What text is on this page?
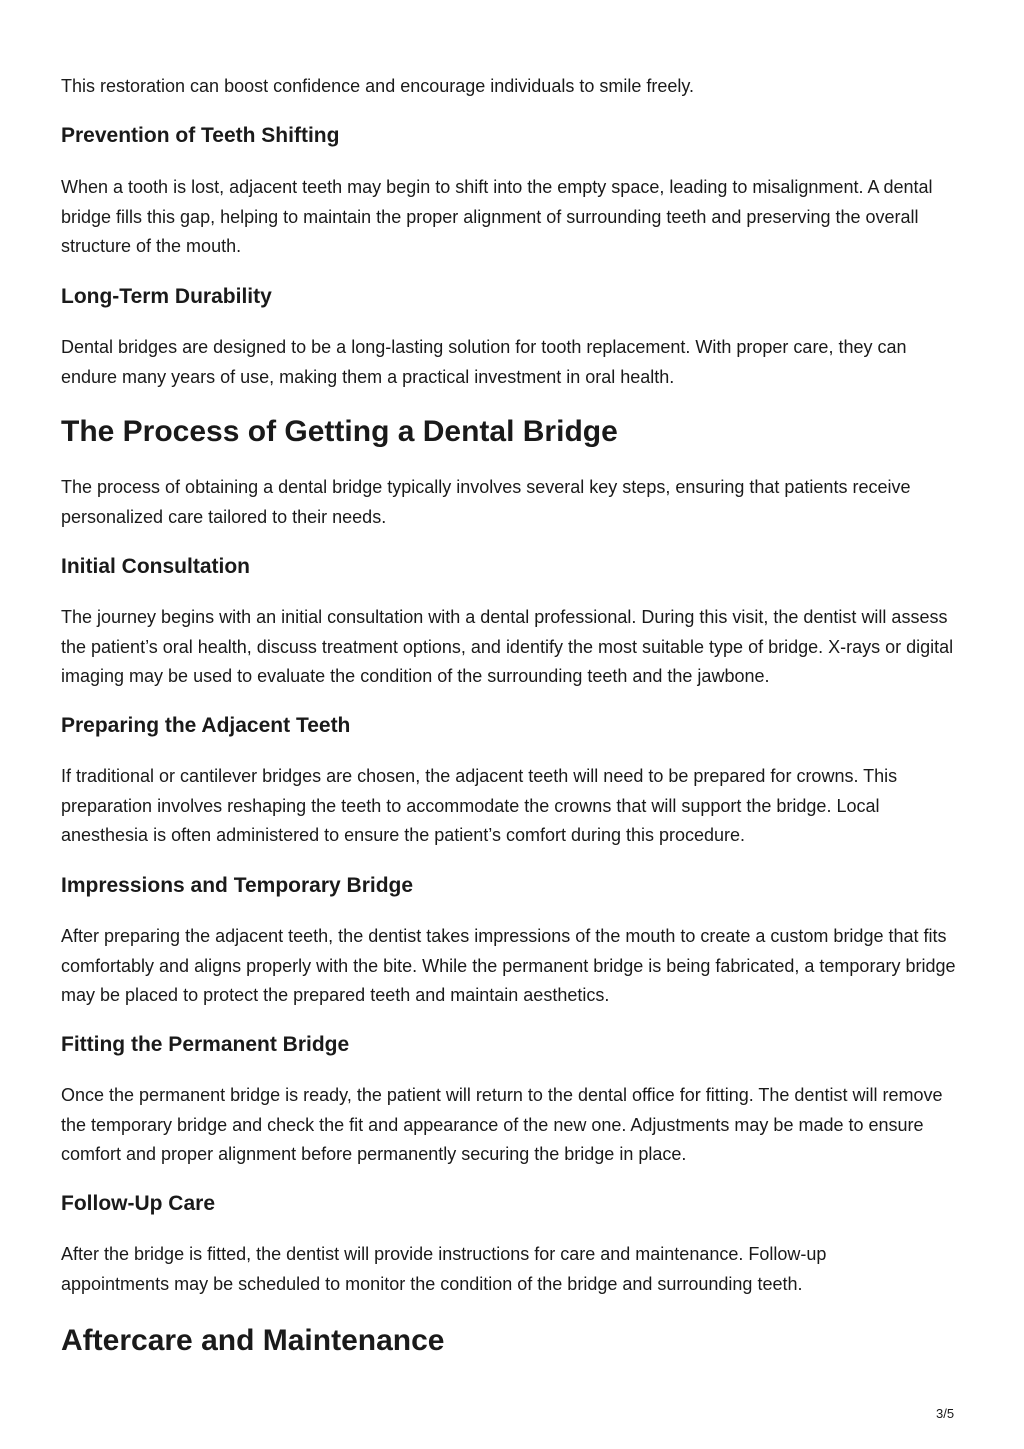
This restoration can boost confidence and encourage individuals to smile freely.

Prevention of Teeth Shifting

When a tooth is lost, adjacent teeth may begin to shift into the empty space, leading to misalignment. A dental bridge fills this gap, helping to maintain the proper alignment of surrounding teeth and preserving the overall structure of the mouth.

Long-Term Durability

Dental bridges are designed to be a long-lasting solution for tooth replacement. With proper care, they can endure many years of use, making them a practical investment in oral health.

The Process of Getting a Dental Bridge

The process of obtaining a dental bridge typically involves several key steps, ensuring that patients receive personalized care tailored to their needs.

Initial Consultation

The journey begins with an initial consultation with a dental professional. During this visit, the dentist will assess the patient’s oral health, discuss treatment options, and identify the most suitable type of bridge. X-rays or digital imaging may be used to evaluate the condition of the surrounding teeth and the jawbone.

Preparing the Adjacent Teeth

If traditional or cantilever bridges are chosen, the adjacent teeth will need to be prepared for crowns. This preparation involves reshaping the teeth to accommodate the crowns that will support the bridge. Local anesthesia is often administered to ensure the patient’s comfort during this procedure.

Impressions and Temporary Bridge

After preparing the adjacent teeth, the dentist takes impressions of the mouth to create a custom bridge that fits comfortably and aligns properly with the bite. While the permanent bridge is being fabricated, a temporary bridge may be placed to protect the prepared teeth and maintain aesthetics.

Fitting the Permanent Bridge

Once the permanent bridge is ready, the patient will return to the dental office for fitting. The dentist will remove the temporary bridge and check the fit and appearance of the new one. Adjustments may be made to ensure comfort and proper alignment before permanently securing the bridge in place.

Follow-Up Care

After the bridge is fitted, the dentist will provide instructions for care and maintenance. Follow-up appointments may be scheduled to monitor the condition of the bridge and surrounding teeth.

Aftercare and Maintenance
3/5
